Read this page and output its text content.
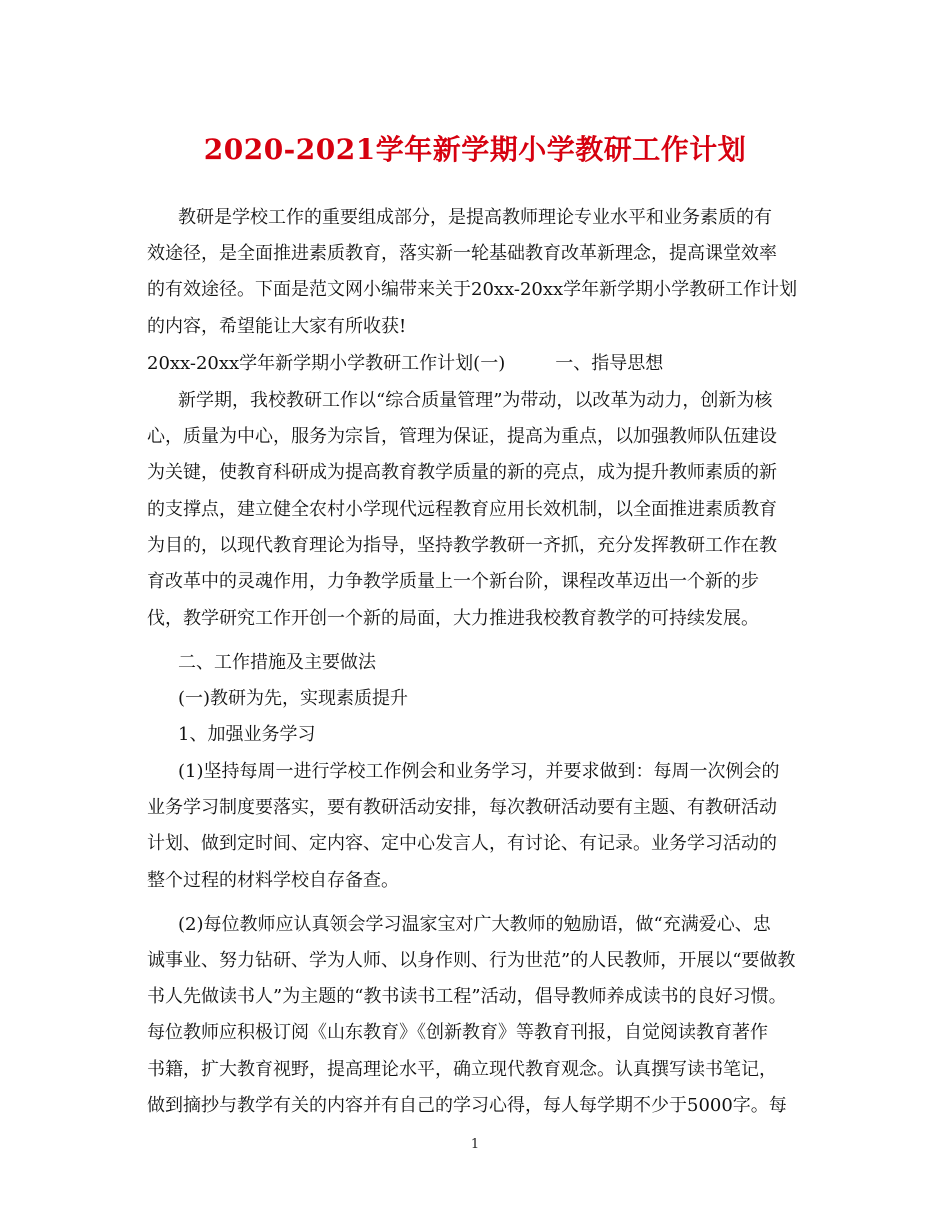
2020-2021学年新学期小学教研工作计划
教研是学校工作的重要组成部分，是提高教师理论专业水平和业务素质的有
效途径，是全面推进素质教育，落实新一轮基础教育改革新理念，提高课堂效率
的有效途径。下面是范文网小编带来关于20xx-20xx学年新学期小学教研工作计划
的内容，希望能让大家有所收获!
20xx-20xx学年新学期小学教研工作计划(一)	一、指导思想
新学期，我校教研工作以“综合质量管理”为带动，以改革为动力，创新为核
心，质量为中心，服务为宗旨，管理为保证，提高为重点，以加强教师队伍建设
为关键，使教育科研成为提高教育教学质量的新的亮点，成为提升教师素质的新
的支撑点，建立健全农村小学现代远程教育应用长效机制，以全面推进素质教育
为目的，以现代教育理论为指导，坚持教学教研一齐抓，充分发挥教研工作在教
育改革中的灵魂作用，力争教学质量上一个新台阶，课程改革迈出一个新的步
伐，教学研究工作开创一个新的局面，大力推进我校教育教学的可持续发展。
二、工作措施及主要做法
(一)教研为先，实现素质提升
1、加强业务学习
(1)坚持每周一进行学校工作例会和业务学习，并要求做到：每周一次例会的
业务学习制度要落实，要有教研活动安排，每次教研活动要有主题、有教研活动
计划、做到定时间、定内容、定中心发言人，有讨论、有记录。业务学习活动的
整个过程的材料学校自存备查。
(2)每位教师应认真领会学习温家宝对广大教师的勉励语，做“充满爱心、忠
诚事业、努力钻研、学为人师、以身作则、行为世范”的人民教师，开展以“要做教
书人先做读书人”为主题的“教书读书工程”活动，倡导教师养成读书的良好习惯。
每位教师应积极订阅《山东教育》《创新教育》等教育刊报，自觉阅读教育著作
书籍，扩大教育视野，提高理论水平，确立现代教育观念。认真撰写读书笔记，
做到摘抄与教学有关的内容并有自己的学习心得，每人每学期不少于5000字。每
1
